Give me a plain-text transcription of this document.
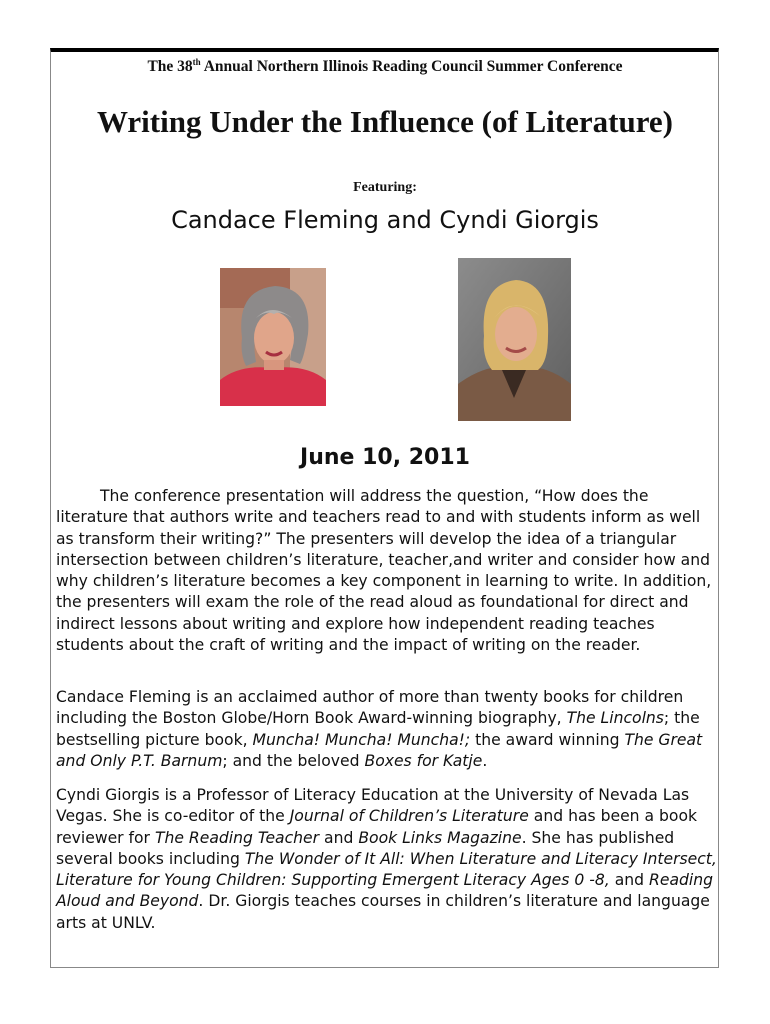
The 38th Annual Northern Illinois Reading Council Summer Conference
Writing Under the Influence (of Literature)
Featuring:
Candace Fleming and Cyndi Giorgis
June 10, 2011

The conference presentation will address the question, “How does the literature that authors write and teachers read to and with students inform as well as transform their writing?” The presenters will develop the idea of a triangular intersection between children’s literature, teacher,and writer and consider how and why children’s literature becomes a key component in learning to write. In addition, the presenters will exam the role of the read aloud as foundational for direct and indirect lessons about writing and explore how independent reading teaches students about the craft of writing and the impact of writing on the reader.

Candace Fleming is an acclaimed author of more than twenty books for children including the Boston Globe/Horn Book Award-winning biography, The Lincolns; the bestselling picture book, Muncha! Muncha! Muncha!; the award winning The Great and Only P.T. Barnum; and the beloved Boxes for Katje.

Cyndi Giorgis is a Professor of Literacy Education at the University of Nevada Las Vegas. She is co-editor of the Journal of Children’s Literature and has been a book reviewer for The Reading Teacher and Book Links Magazine. She has published several books including The Wonder of It All: When Literature and Literacy Intersect, Literature for Young Children: Supporting Emergent Literacy Ages 0 -8, and Reading Aloud and Beyond. Dr. Giorgis teaches courses in children’s literature and language arts at UNLV.
